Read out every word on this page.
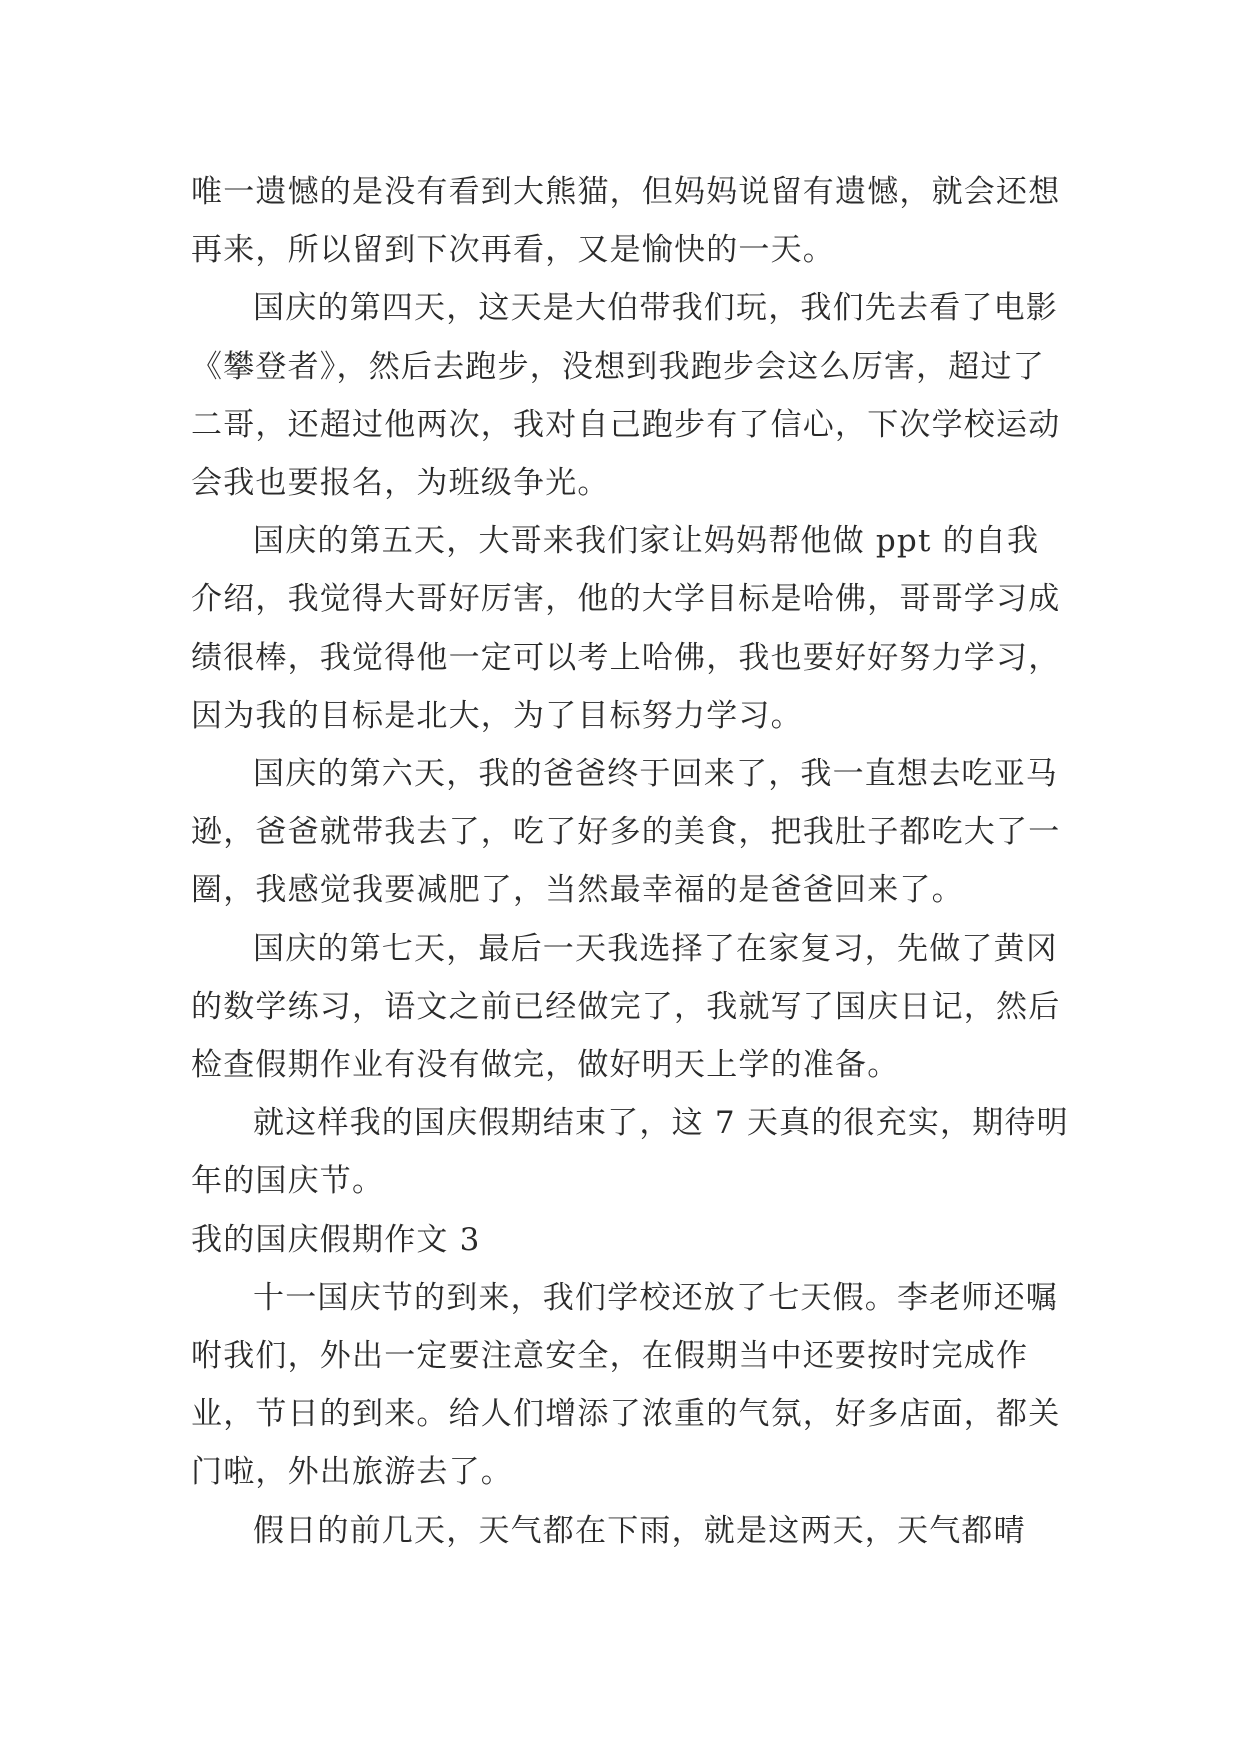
唯一遗憾的是没有看到大熊猫，但妈妈说留有遗憾，就会还想再来，所以留到下次再看，又是愉快的一天。

国庆的第四天，这天是大伯带我们玩，我们先去看了电影《攀登者》，然后去跑步，没想到我跑步会这么厉害，超过了二哥，还超过他两次，我对自己跑步有了信心，下次学校运动会我也要报名，为班级争光。

国庆的第五天，大哥来我们家让妈妈帮他做 ppt 的自我介绍，我觉得大哥好厉害，他的大学目标是哈佛，哥哥学习成绩很棒，我觉得他一定可以考上哈佛，我也要好好努力学习，因为我的目标是北大，为了目标努力学习。

国庆的第六天，我的爸爸终于回来了，我一直想去吃亚马逊，爸爸就带我去了，吃了好多的美食，把我肚子都吃大了一圈，我感觉我要减肥了，当然最幸福的是爸爸回来了。

国庆的第七天，最后一天我选择了在家复习，先做了黄冈的数学练习，语文之前已经做完了，我就写了国庆日记，然后检查假期作业有没有做完，做好明天上学的准备。

就这样我的国庆假期结束了，这 7 天真的很充实，期待明年的国庆节。

我的国庆假期作文 3

十一国庆节的到来，我们学校还放了七天假。李老师还嘱咐我们，外出一定要注意安全，在假期当中还要按时完成作业，节日的到来。给人们增添了浓重的气氛，好多店面，都关门啦，外出旅游去了。

假日的前几天，天气都在下雨，就是这两天，天气都晴
